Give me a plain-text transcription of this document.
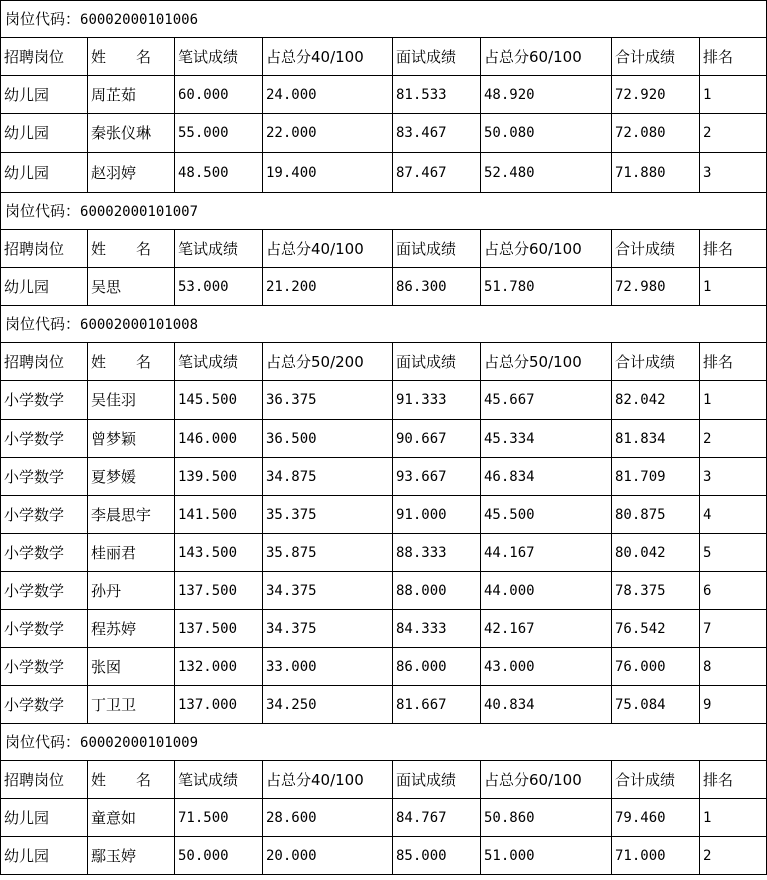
岗位代码：60002000101006							
招聘岗位	姓　　名	笔试成绩	占总分40/100	面试成绩	占总分60/100	合计成绩	排名
幼儿园	周芷茹	60.000	24.000	81.533	48.920	72.920	1
幼儿园	秦张仪琳	55.000	22.000	83.467	50.080	72.080	2
幼儿园	赵羽婷	48.500	19.400	87.467	52.480	71.880	3
岗位代码：60002000101007							
招聘岗位	姓　　名	笔试成绩	占总分40/100	面试成绩	占总分60/100	合计成绩	排名
幼儿园	吴思	53.000	21.200	86.300	51.780	72.980	1
岗位代码：60002000101008							
招聘岗位	姓　　名	笔试成绩	占总分50/200	面试成绩	占总分50/100	合计成绩	排名
小学数学	吴佳羽	145.500	36.375	91.333	45.667	82.042	1
小学数学	曾梦颖	146.000	36.500	90.667	45.334	81.834	2
小学数学	夏梦媛	139.500	34.875	93.667	46.834	81.709	3
小学数学	李晨思宇	141.500	35.375	91.000	45.500	80.875	4
小学数学	桂丽君	143.500	35.875	88.333	44.167	80.042	5
小学数学	孙丹	137.500	34.375	88.000	44.000	78.375	6
小学数学	程苏婷	137.500	34.375	84.333	42.167	76.542	7
小学数学	张囡	132.000	33.000	86.000	43.000	76.000	8
小学数学	丁卫卫	137.000	34.250	81.667	40.834	75.084	9
岗位代码：60002000101009							
招聘岗位	姓　　名	笔试成绩	占总分40/100	面试成绩	占总分60/100	合计成绩	排名
幼儿园	童意如	71.500	28.600	84.767	50.860	79.460	1
幼儿园	鄢玉婷	50.000	20.000	85.000	51.000	71.000	2
